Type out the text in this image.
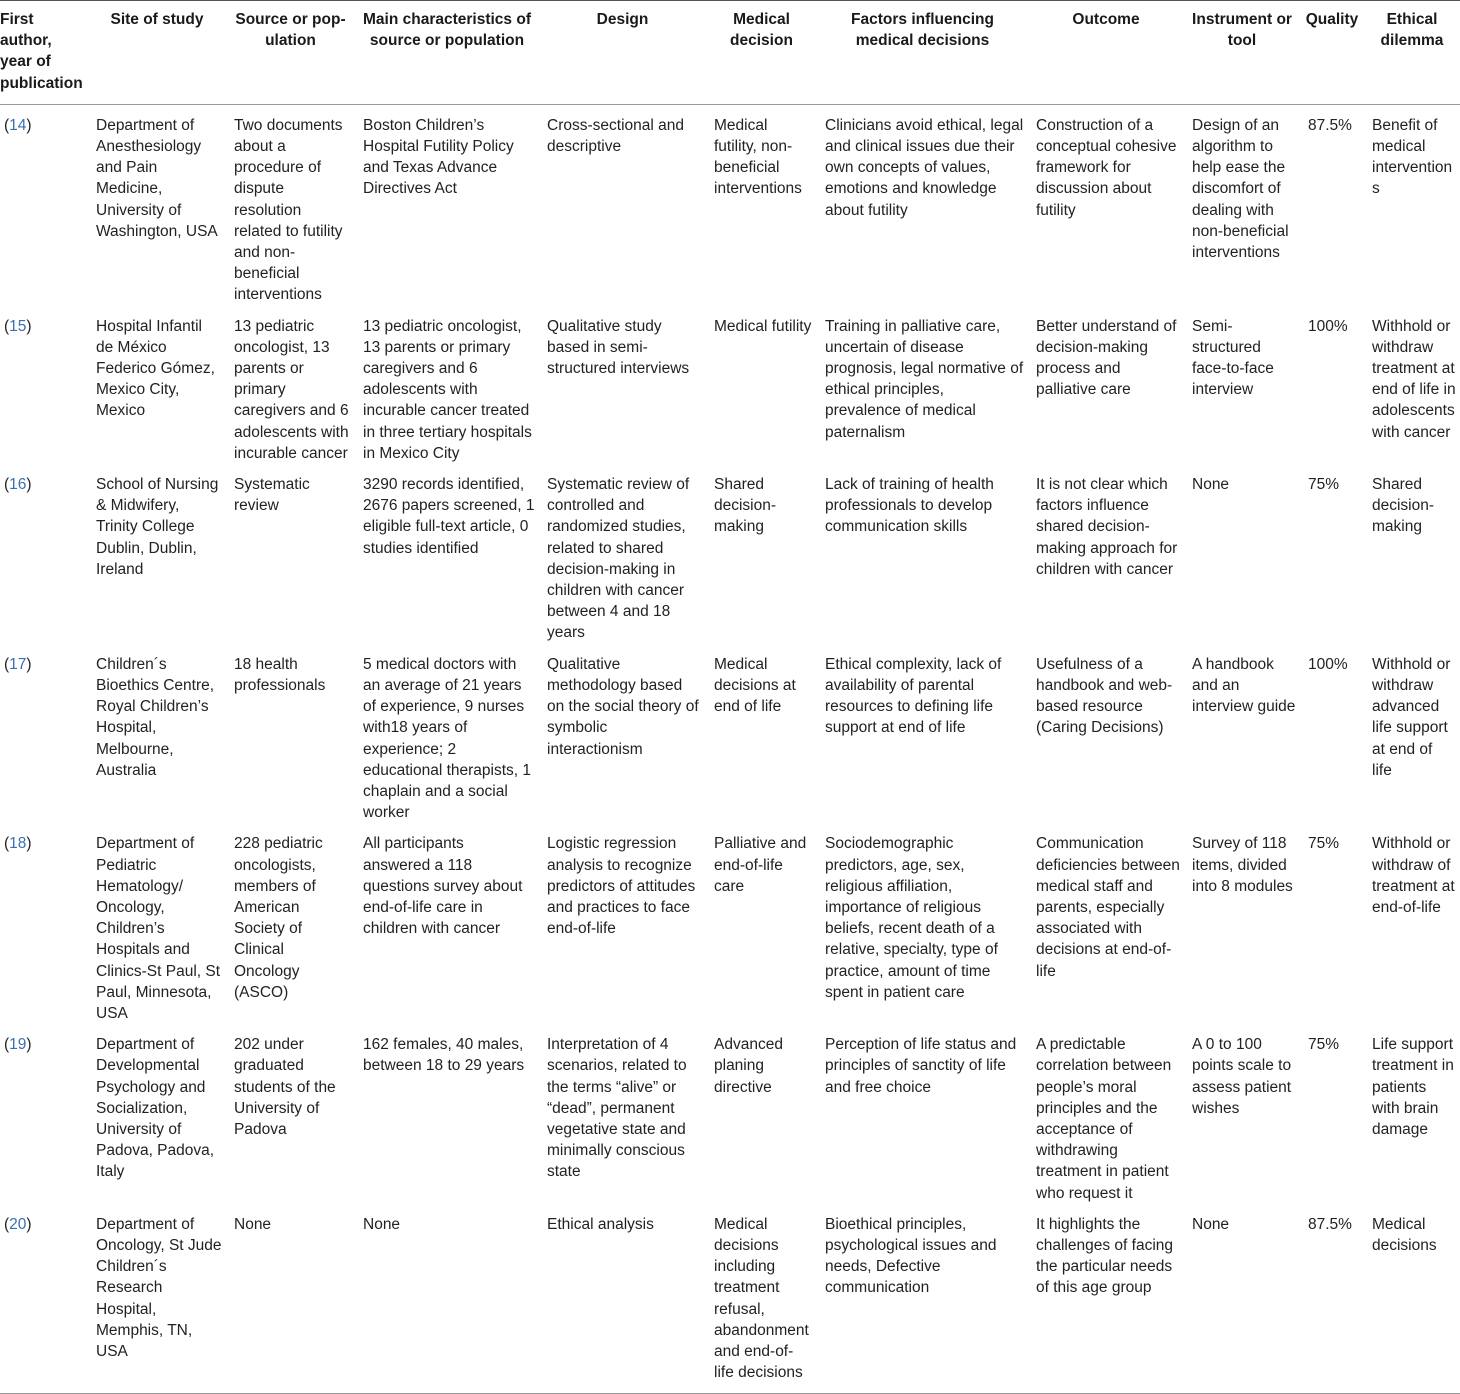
First author, year of publication	Site of study	Source or pop-ulation	Main characteristics of source or population	Design	Medical decision	Factors influencing medical decisions	Outcome	Instrument or tool	Quality	Ethical dilemma
(14)	Department of Anesthesiology and Pain Medicine, University of Washington, USA	Two documents about a procedure of dispute resolution related to futility and non-beneficial interventions	Boston Children’s Hospital Futility Policy and Texas Advance Directives Act	Cross-sectional and descriptive	Medical futility, non-beneficial interventions	Clinicians avoid ethical, legal and clinical issues due their own concepts of values, emotions and knowledge about futility	Construction of a conceptual cohesive framework for discussion about futility	Design of an algorithm to help ease the discomfort of dealing with non-beneficial interventions	87.5%	Benefit of medical interventions
(15)	Hospital Infantil de México Federico Gómez, Mexico City, Mexico	13 pediatric oncologist, 13 parents or primary caregivers and 6 adolescents with incurable cancer	13 pediatric oncologist, 13 parents or primary caregivers and 6 adolescents with incurable cancer treated in three tertiary hospitals in Mexico City	Qualitative study based in semi-structured interviews	Medical futility	Training in palliative care, uncertain of disease prognosis, legal normative of ethical principles, prevalence of medical paternalism	Better understand of decision-making process and palliative care	Semi-structured face-to-face interview	100%	Withhold or withdraw treatment at end of life in adolescents with cancer
(16)	School of Nursing & Midwifery, Trinity College Dublin, Dublin, Ireland	Systematic review	3290 records identified, 2676 papers screened, 1 eligible full-text article, 0 studies identified	Systematic review of controlled and randomized studies, related to shared decision-making in children with cancer between 4 and 18 years	Shared decision-making	Lack of training of health professionals to develop communication skills	It is not clear which factors influence shared decision-making approach for children with cancer	None	75%	Shared decision-making
(17)	Children´s Bioethics Centre, Royal Children’s Hospital, Melbourne, Australia	18 health professionals	5 medical doctors with an average of 21 years of experience, 9 nurses with18 years of experience; 2 educational therapists, 1 chaplain and a social worker	Qualitative methodology based on the social theory of symbolic interactionism	Medical decisions at end of life	Ethical complexity, lack of availability of parental resources to defining life support at end of life	Usefulness of a handbook and web-based resource (Caring Decisions)	A handbook and an interview guide	100%	Withhold or withdraw advanced life support at end of life
(18)	Department of Pediatric Hematology/ Oncology, Children’s Hospitals and Clinics-St Paul, St Paul, Minnesota, USA	228 pediatric oncologists, members of American Society of Clinical Oncology (ASCO)	All participants answered a 118 questions survey about end-of-life care in children with cancer	Logistic regression analysis to recognize predictors of attitudes and practices to face end-of-life	Palliative and end-of-life care	Sociodemographic predictors, age, sex, religious affiliation, importance of religious beliefs, recent death of a relative, specialty, type of practice, amount of time spent in patient care	Communication deficiencies between medical staff and parents, especially associated with decisions at end-of-life	Survey of 118 items, divided into 8 modules	75%	Withhold or withdraw of treatment at end-of-life
(19)	Department of Developmental Psychology and Socialization, University of Padova, Padova, Italy	202 under graduated students of the University of Padova	162 females, 40 males, between 18 to 29 years	Interpretation of 4 scenarios, related to the terms “alive” or “dead”, permanent vegetative state and minimally conscious state	Advanced planing directive	Perception of life status and principles of sanctity of life and free choice	A predictable correlation between people’s moral principles and the acceptance of withdrawing treatment in patient who request it	A 0 to 100 points scale to assess patient wishes	75%	Life support treatment in patients with brain damage
(20)	Department of Oncology, St Jude Children´s Research Hospital, Memphis, TN, USA	None	None	Ethical analysis	Medical decisions including treatment refusal, abandonment and end-of-life decisions	Bioethical principles, psychological issues and needs, Defective communication	It highlights the challenges of facing the particular needs of this age group	None	87.5%	Medical decisions
